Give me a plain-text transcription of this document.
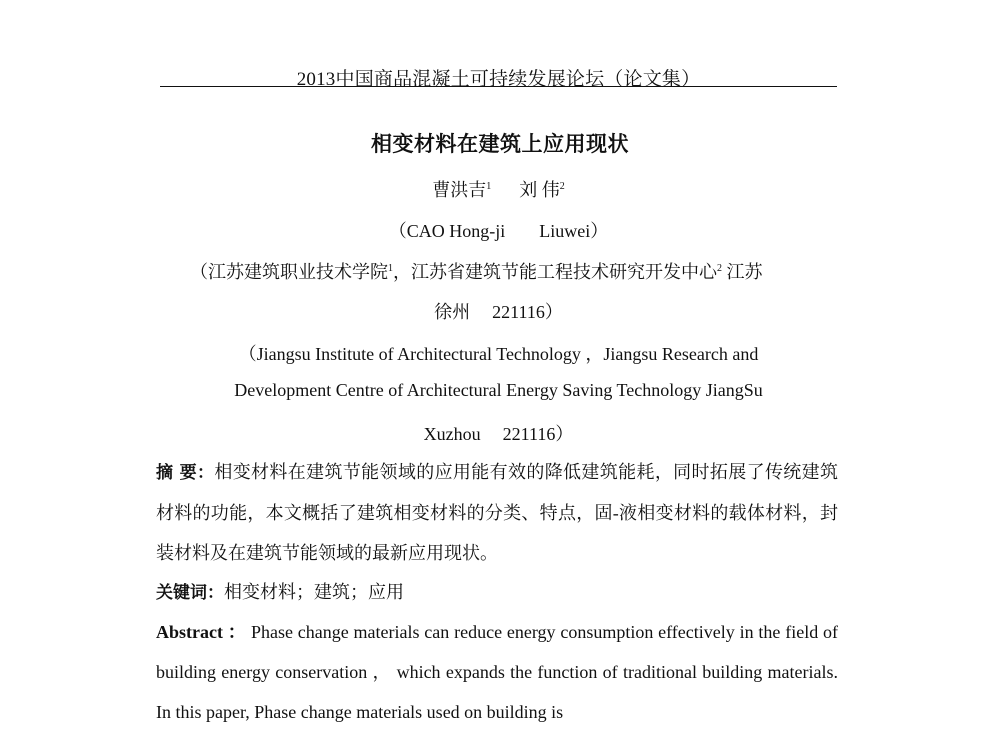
2013中国商品混凝土可持续发展论坛（论文集）
相变材料在建筑上应用现状
曹洪吉$^1$ 刘 伟$^2$
（CAO Hong-ji Liuwei）
（江苏建筑职业技术学院$^1$，江苏省建筑节能工程技术研究开发中心$^2$ 江苏
徐州 221116）
（Jiangsu Institute of Architectural Technology ，Jiangsu Research and
Development Centre of Architectural Energy Saving Technology JiangSu
Xuzhou 221116）
摘 要：相变材料在建筑节能领域的应用能有效的降低建筑能耗，同时拓展了传统建筑材料的功能，本文概括了建筑相变材料的分类、特点，固-液相变材料的载体材料，封装材料及在建筑节能领域的最新应用现状。
关键词：相变材料；建筑；应用
Abstract ： Phase change materials can reduce energy consumption effectively in the field of building energy conservation ， which expands the function of traditional building materials. In this paper, Phase change materials used on building is
